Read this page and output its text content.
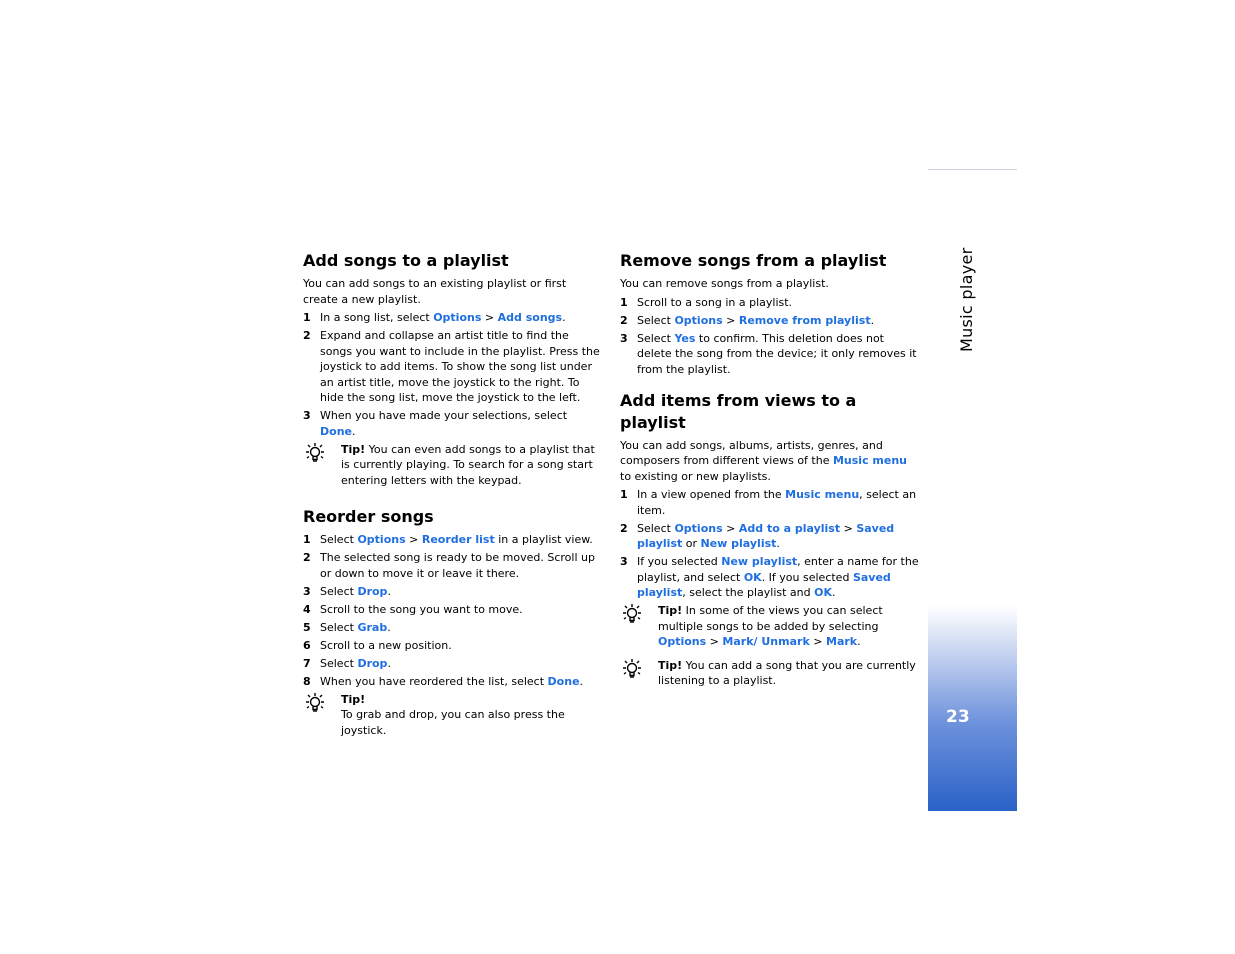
Music player
23
Add songs to a playlist

You can add songs to an existing playlist or first create a new playlist.

1 In a song list, select Options > Add songs.
2 Expand and collapse an artist title to find the songs you want to include in the playlist. Press the joystick to add items. To show the song list under an artist title, move the joystick to the right. To hide the song list, move the joystick to the left.
3 When you have made your selections, select Done.
Tip! You can even add songs to a playlist that is currently playing. To search for a song start entering letters with the keypad.
Reorder songs
1 Select Options > Reorder list in a playlist view.
2 The selected song is ready to be moved. Scroll up or down to move it or leave it there.
3 Select Drop.
4 Scroll to the song you want to move.
5 Select Grab.
6 Scroll to a new position.
7 Select Drop.
8 When you have reordered the list, select Done.
Tip!
To grab and drop, you can also press the joystick.
Remove songs from a playlist

You can remove songs from a playlist.

1 Scroll to a song in a playlist.
2 Select Options > Remove from playlist.
3 Select Yes to confirm. This deletion does not delete the song from the device; it only removes it from the playlist.
Add items from views to a playlist

You can add songs, albums, artists, genres, and composers from different views of the Music menu to existing or new playlists.

1 In a view opened from the Music menu, select an item.
2 Select Options > Add to a playlist > Saved playlist or New playlist.
3 If you selected New playlist, enter a name for the playlist, and select OK. If you selected Saved playlist, select the playlist and OK.
Tip! In some of the views you can select multiple songs to be added by selecting Options > Mark/ Unmark > Mark.
Tip! You can add a song that you are currently listening to a playlist.
